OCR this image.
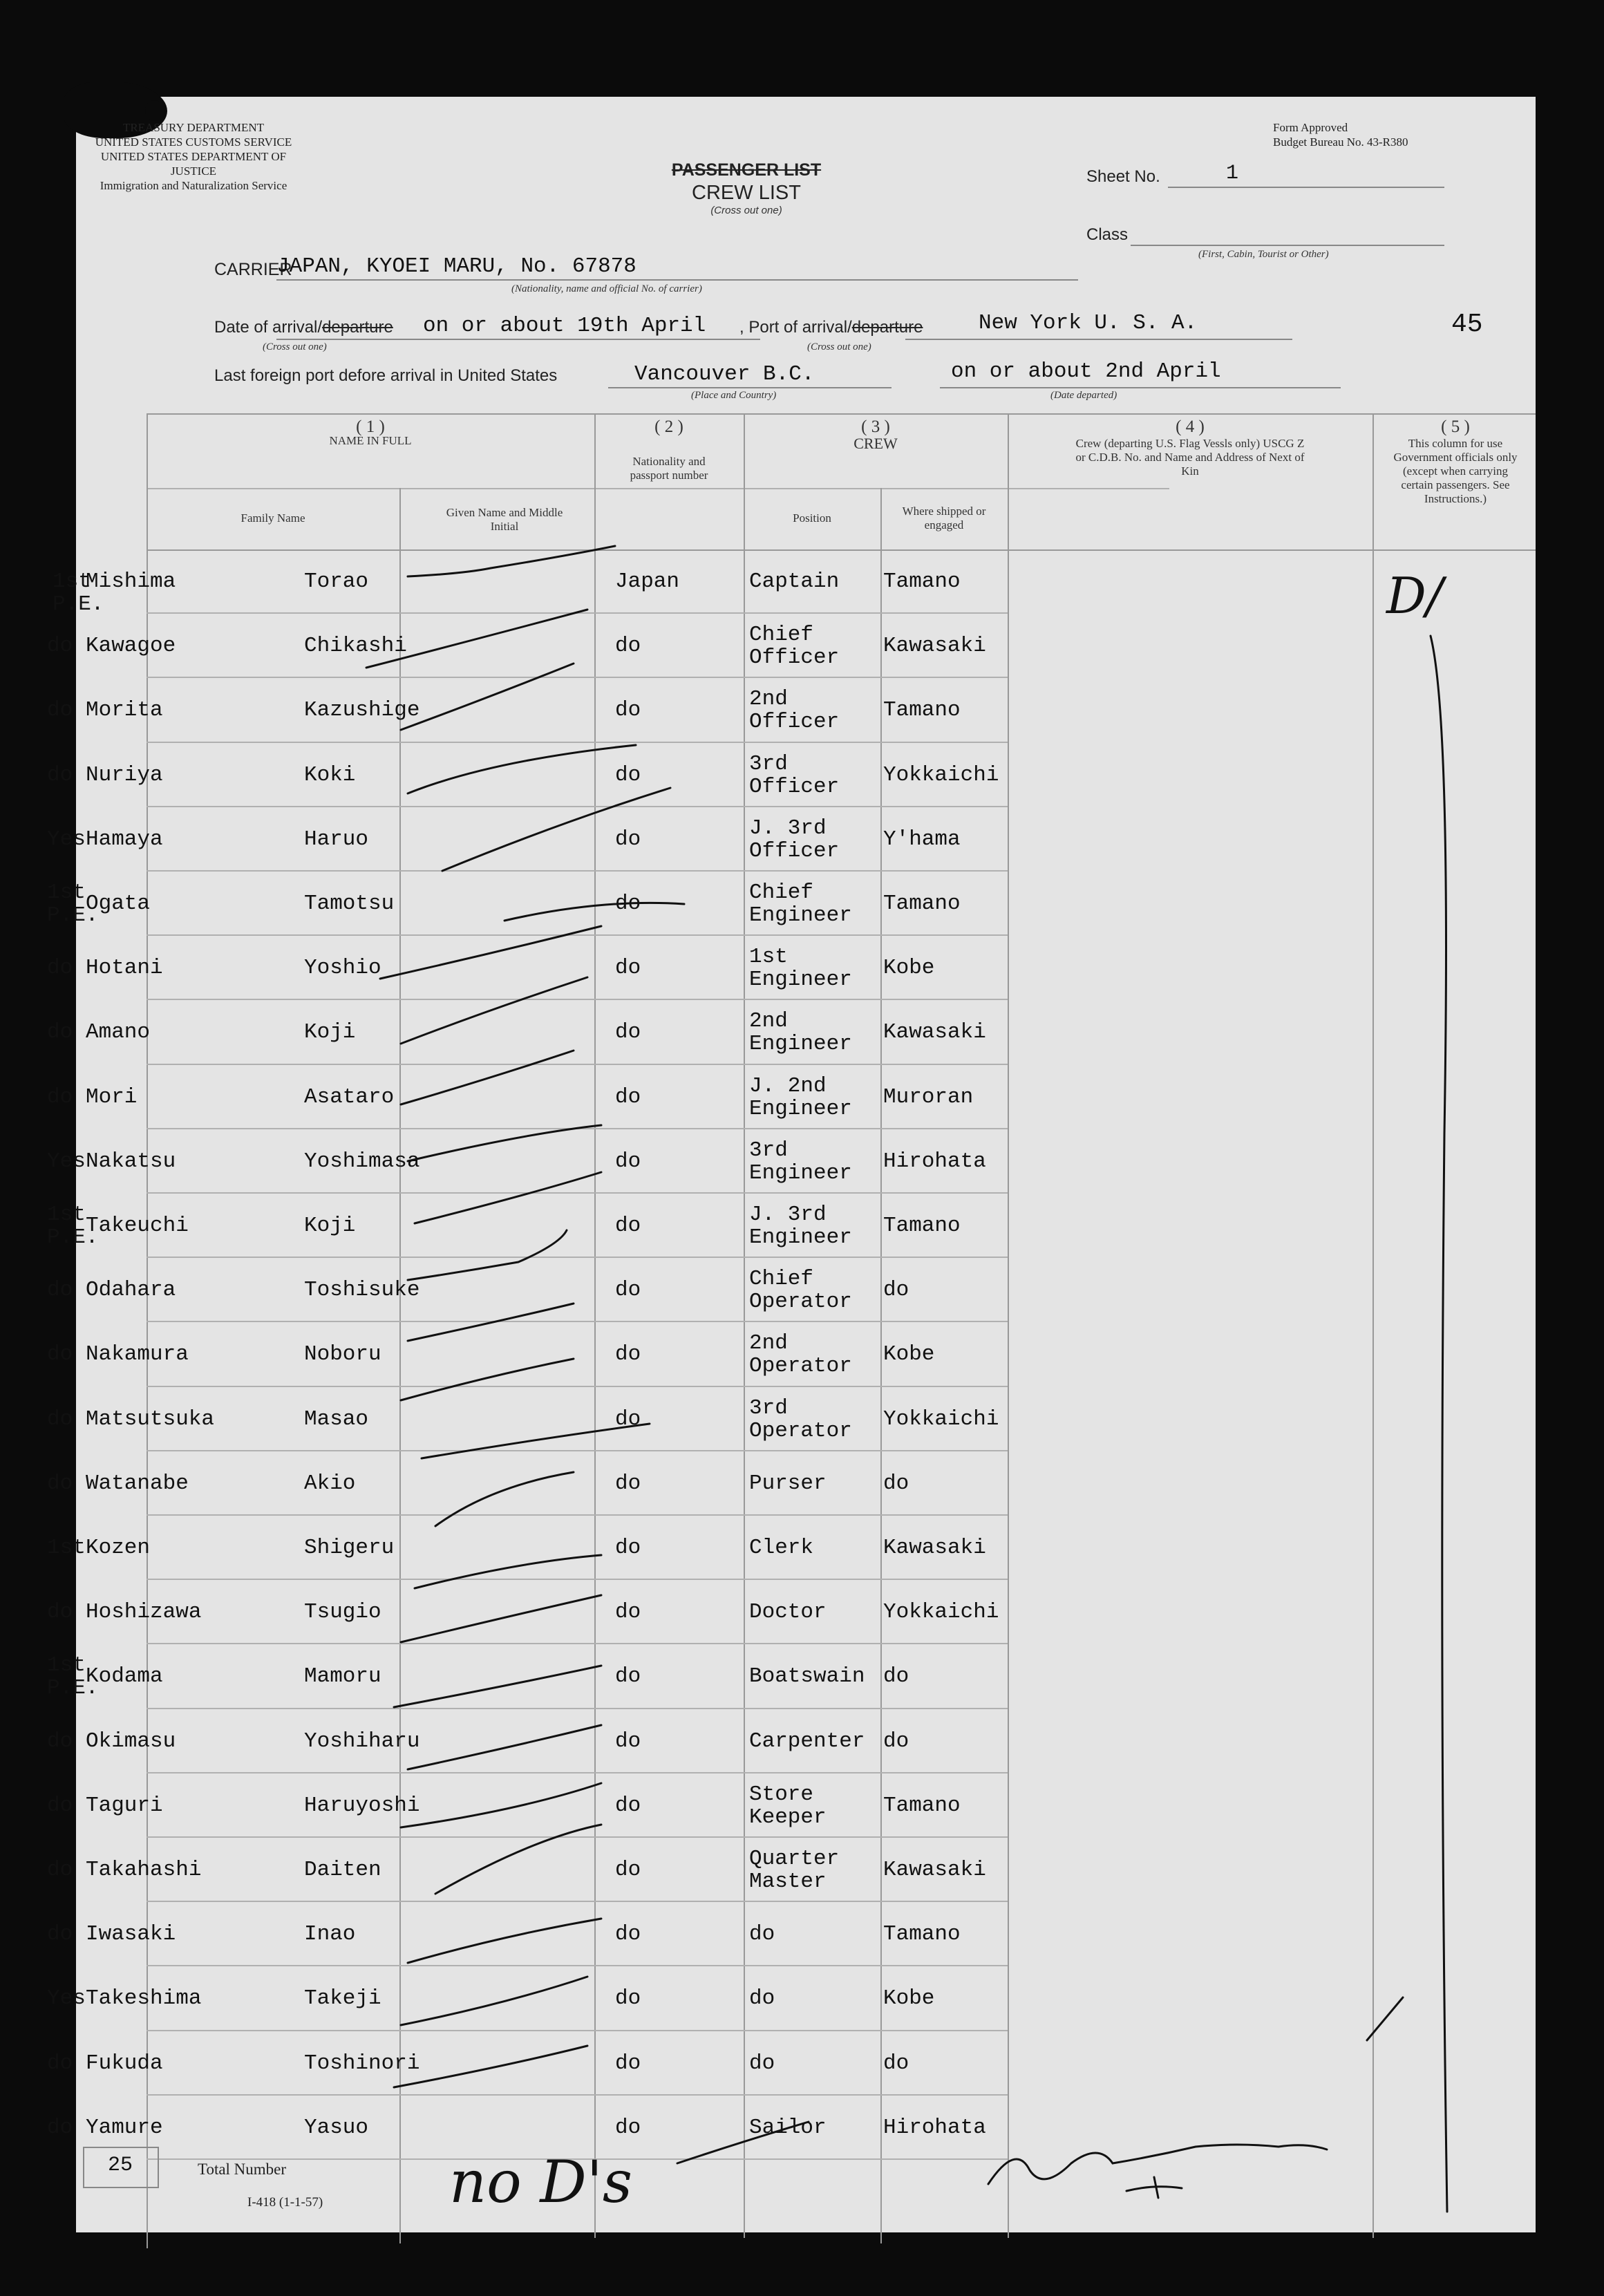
TREASURY DEPARTMENT
UNITED STATES CUSTOMS SERVICE
UNITED STATES DEPARTMENT OF JUSTICE
Immigration and Naturalization Service
Form Approved
Budget Bureau No. 43-R380
PASSENGER LIST
CREW LIST
(Cross out one)
Sheet No.	1
Class
(First, Cabin, Tourist or Other)
CARRIER
JAPAN, KYOEI MARU, No. 67878
(Nationality, name and official No. of carrier)
Date of arrival/departure on or about 19th April
(Cross out one)
, Port of arrival/departure	New York U. S. A.
(Cross out one)
45
Last foreign port defore arrival in United States	Vancouver B.C.
(Place and Country)
on or about 2nd April
(Date departed)
( 1 )
NAME IN FULL
Family Name	Given Name and Middle Initial
( 2 )
Nationality and passport number
( 3 )
CREW
Position
Where shipped or engaged
( 4 )
Crew (departing U.S. Flag Vessls only) USCG Z or C.D.B. No. and Name and Address of Next of Kin
( 5 )
This column for use Government officials only (except when carrying certain passengers. See Instructions.)
1st P.E.
Mishima	Torao	Japan	Captain	Tamano
do Kawagoe	Chikashi	do	Chief Officer	Kawasaki
do Morita	Kazushige	do	2nd Officer	Tamano
do Nuriya	Koki	do	3rd Officer	Yokkaichi
Yes Hamaya	Haruo	do	J. 3rd Officer	Y'hama
1st P.E.
Ogata	Tamotsu	do	Chief Engineer	Tamano
do Hotani	Yoshio	do	1st Engineer	Kobe
do Amano	Koji	do	2nd Engineer	Kawasaki
do Mori	Asataro	do	J. 2nd Engineer	Muroran
Yes Nakatsu	Yoshimasa	do	3rd Engineer	Hirohata
1st P.E.
Takeuchi	Koji	do	J. 3rd Engineer	Tamano
do Odahara	Toshisuke	do	Chief Operator	do
do Nakamura	Noboru	do	2nd Operator	Kobe
do Matsutsuka	Masao	do	3rd Operator	Yokkaichi
do Watanabe	Akio	do	Purser	do
1st Kozen	Shigeru	do	Clerk	Kawasaki
do Hoshizawa	Tsugio	do	Doctor	Yokkaichi
1st P.E.
Kodama	Mamoru	do	Boatswain do
do Okimasu	Yoshiharu	do	Carpenter do
do Taguri	Haruyoshi	do	Store Keeper	Tamano
do Takahashi	Daiten	do	Quarter Master	Kawasaki
do Iwasaki	Inao	do	do	Tamano
Yes Takeshima	Takeji	do	do	Kobe
do Fukuda	Toshinori	do	do	do
do Yamure	Yasuo	do	Sailor	Hirohata
D/
25	Total Number
I-418 (1-1-57) no D's
